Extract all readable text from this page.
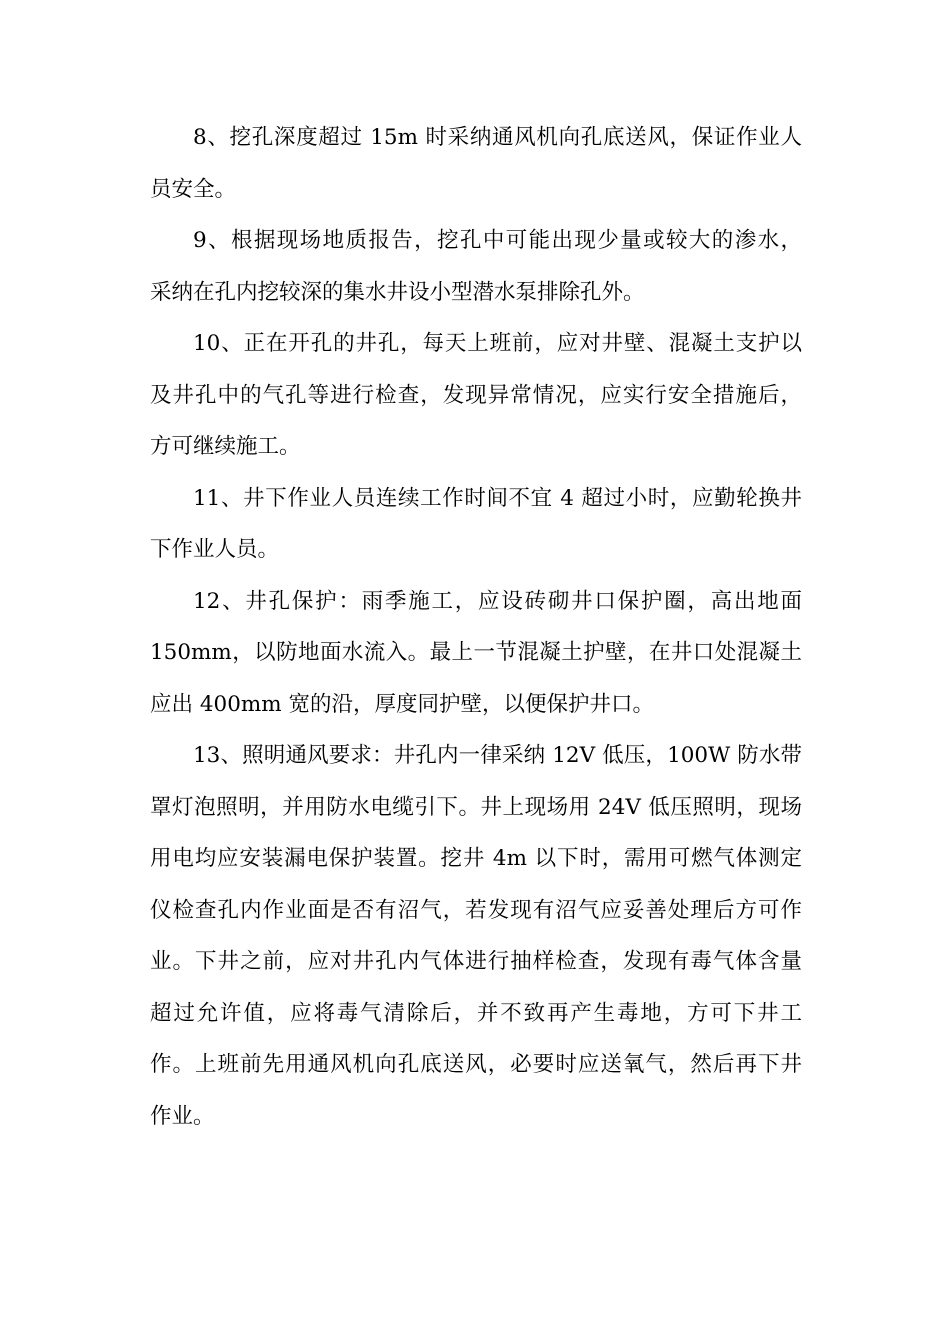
8、挖孔深度超过 15m 时采纳通风机向孔底送风，保证作业人
员安全。

9、根据现场地质报告，挖孔中可能出现少量或较大的渗水，
采纳在孔内挖较深的集水井设小型潜水泵排除孔外。

10、正在开孔的井孔，每天上班前，应对井壁、混凝土支护以
及井孔中的气孔等进行检查，发现异常情况，应实行安全措施后，
方可继续施工。

11、井下作业人员连续工作时间不宜 4 超过小时，应勤轮换井
下作业人员。

12、井孔保护：雨季施工，应设砖砌井口保护圈，高出地面
150mm，以防地面水流入。最上一节混凝土护壁，在井口处混凝土
应出 400mm 宽的沿，厚度同护壁，以便保护井口。

13、照明通风要求：井孔内一律采纳 12V 低压，100W 防水带
罩灯泡照明，并用防水电缆引下。井上现场用 24V 低压照明，现场
用电均应安装漏电保护装置。挖井 4m 以下时，需用可燃气体测定
仪检查孔内作业面是否有沼气，若发现有沼气应妥善处理后方可作
业。下井之前，应对井孔内气体进行抽样检查，发现有毒气体含量
超过允许值，应将毒气清除后，并不致再产生毒地，方可下井工
作。上班前先用通风机向孔底送风，必要时应送氧气，然后再下井
作业。
